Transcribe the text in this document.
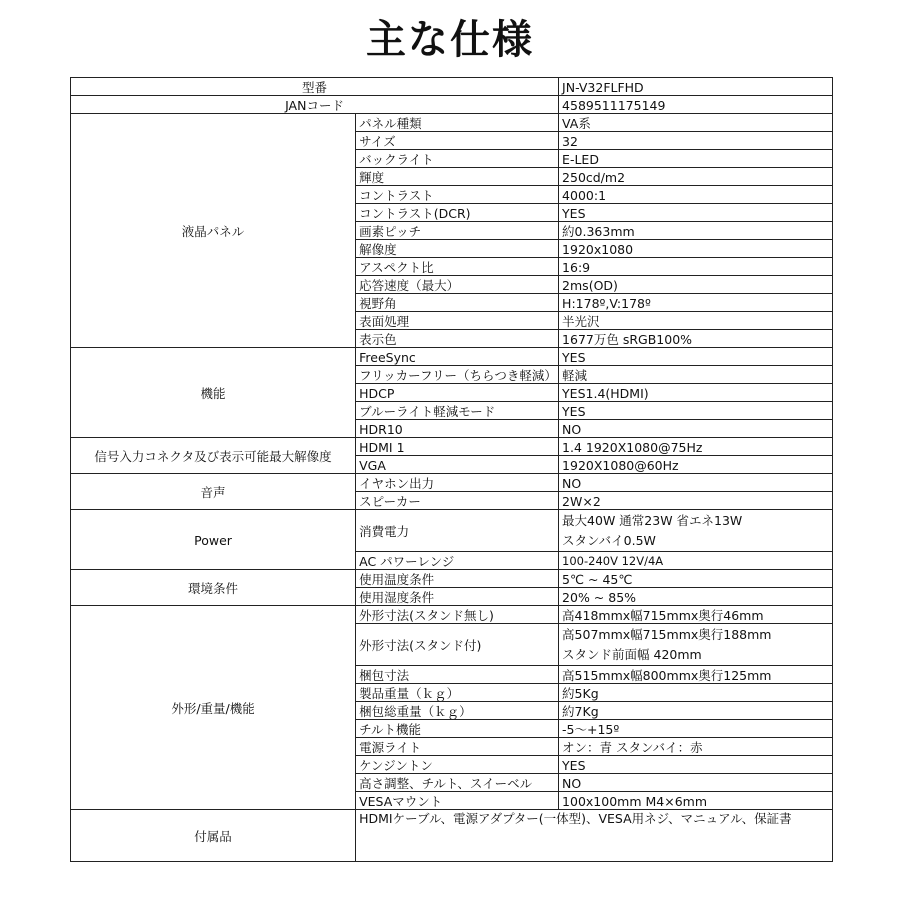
主な仕様
型番		JN-V32FLFHD
JANコード		4589511175149
液晶パネル	パネル種類	VA系
	サイズ	32
	バックライト	E-LED
	輝度	250cd/m2
	コントラスト	4000:1
	コントラスト(DCR)	YES
	画素ピッチ	約0.363mm
	解像度	1920x1080
	アスペクト比	16:9
	応答速度（最大）	2ms(OD)
	視野角	H:178º,V:178º
	表面処理	半光沢
	表示色	1677万色 sRGB100%
機能	FreeSync	YES
	フリッカーフリー（ちらつき軽減）	軽減
	HDCP	YES1.4(HDMI)
	ブルーライト軽減モード	YES
	HDR10	NO
信号入力コネクタ及び表示可能最大解像度	HDMI 1	1.4 1920X1080@75Hz
	VGA	1920X1080@60Hz
音声	イヤホン出力	NO
	スピーカー	2W×2
Power	消費電力	最大40W 通常23W 省エネ13W
スタンバイ0.5W

	AC パワーレンジ	100-240V 12V/4A
環境条件	使用温度条件	5℃ ~ 45℃
	使用湿度条件	20% ~ 85%
外形/重量/機能	外形寸法(スタンド無し)	高418mmx幅715mmx奥行46mm
	外形寸法(スタンド付)	高507mmx幅715mmx奥行188mm
スタンド前面幅 420mm

	梱包寸法	高515mmx幅800mmx奥行125mm
	製品重量（ｋｇ）	約5Kg
	梱包総重量（ｋｇ）	約7Kg
	チルト機能	-5～+15º
	電源ライト	オン：青 スタンバイ：赤
	ケンジントン	YES
	高さ調整、チルト、スイーベル	NO
	VESAマウント	100x100mm M4×6mm
付属品	HDMIケーブル、電源アダプター(一体型)、VESA用ネジ、マニュアル、保証書	
